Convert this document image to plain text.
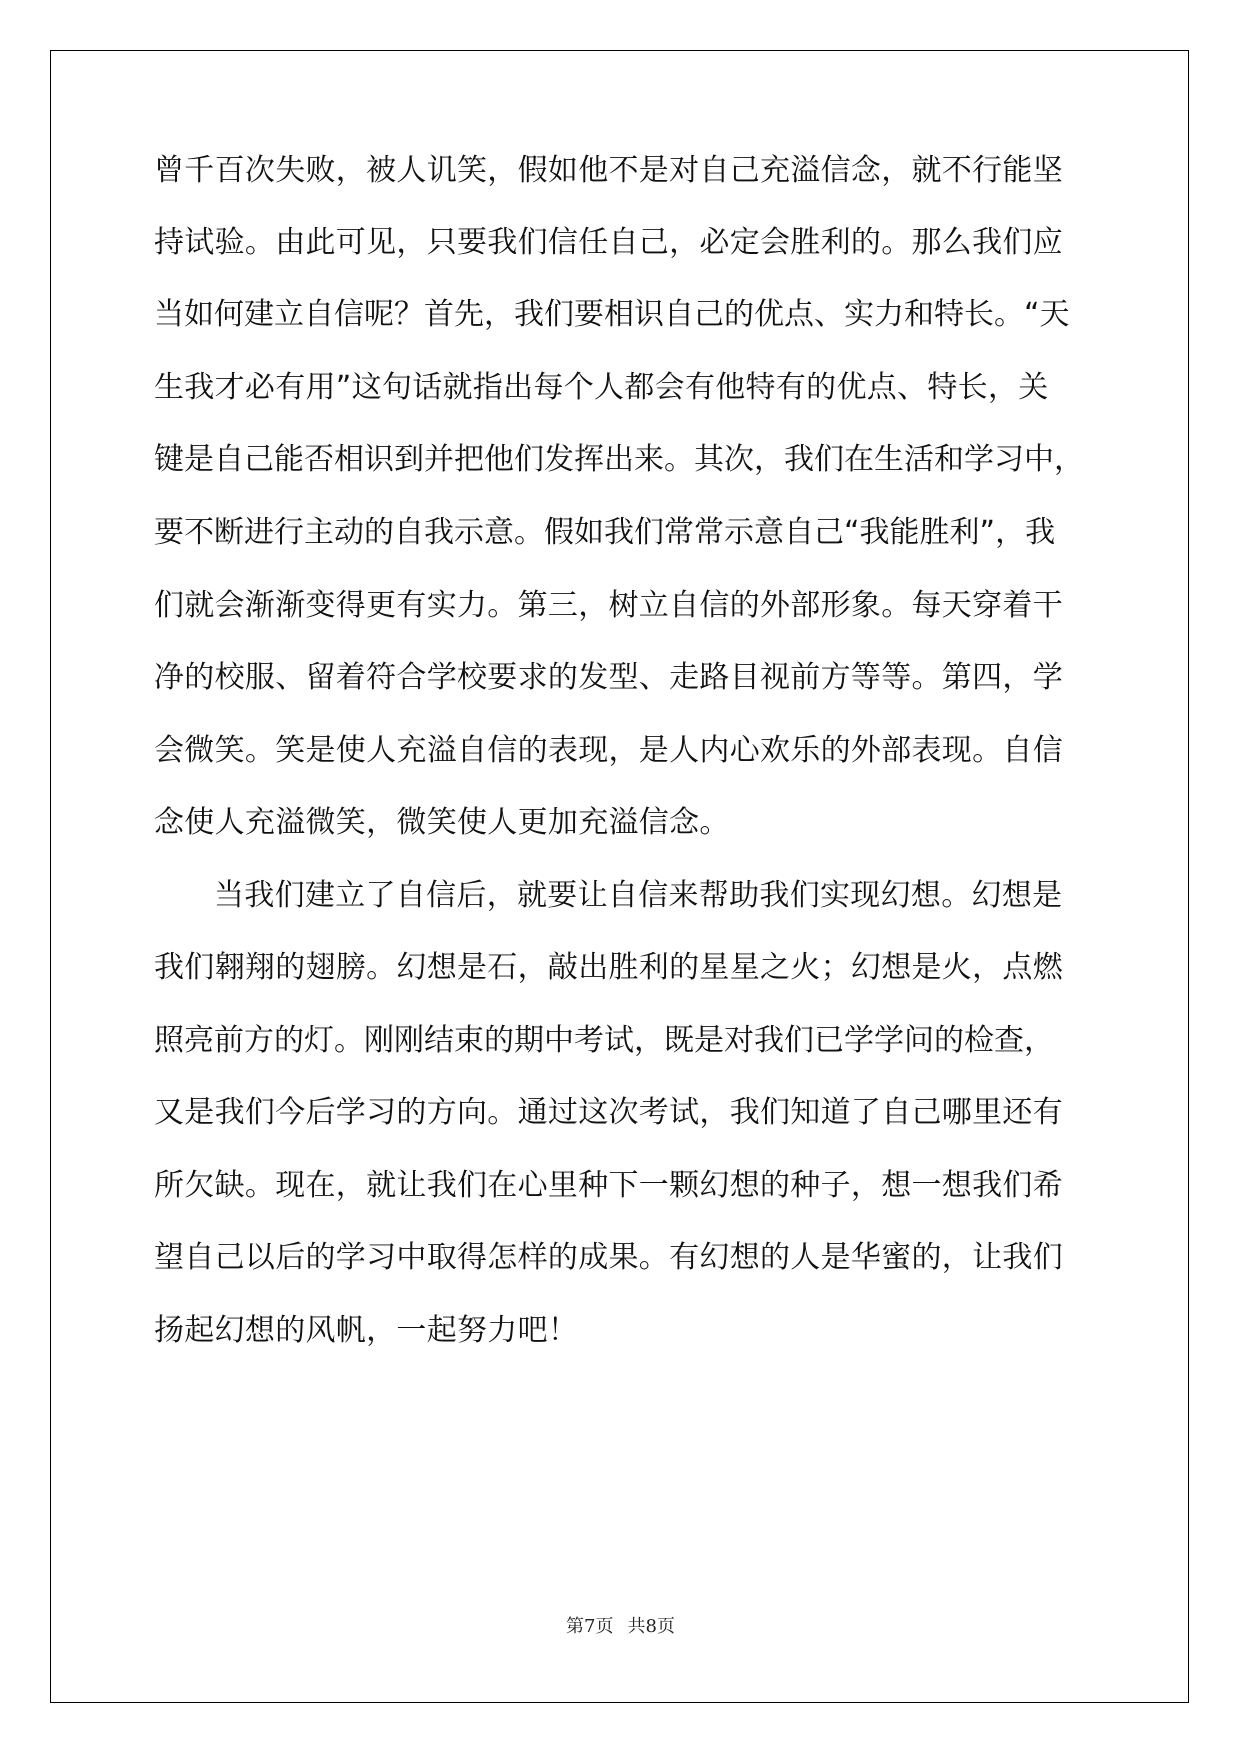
曾千百次失败，被人讥笑，假如他不是对自己充溢信念，就不行能坚
持试验。由此可见，只要我们信任自己，必定会胜利的。那么我们应
当如何建立自信呢？首先，我们要相识自己的优点、实力和特长。“天
生我才必有用”这句话就指出每个人都会有他特有的优点、特长，关
键是自己能否相识到并把他们发挥出来。其次，我们在生活和学习中，
要不断进行主动的自我示意。假如我们常常示意自己“我能胜利”，我
们就会渐渐变得更有实力。第三，树立自信的外部形象。每天穿着干
净的校服、留着符合学校要求的发型、走路目视前方等等。第四，学
会微笑。笑是使人充溢自信的表现，是人内心欢乐的外部表现。自信
念使人充溢微笑，微笑使人更加充溢信念。
当我们建立了自信后，就要让自信来帮助我们实现幻想。幻想是
我们翱翔的翅膀。幻想是石，敲出胜利的星星之火；幻想是火，点燃
照亮前方的灯。刚刚结束的期中考试，既是对我们已学学问的检查，
又是我们今后学习的方向。通过这次考试，我们知道了自己哪里还有
所欠缺。现在，就让我们在心里种下一颗幻想的种子，想一想我们希
望自己以后的学习中取得怎样的成果。有幻想的人是华蜜的，让我们
扬起幻想的风帆，一起努力吧！
第7页 共8页
